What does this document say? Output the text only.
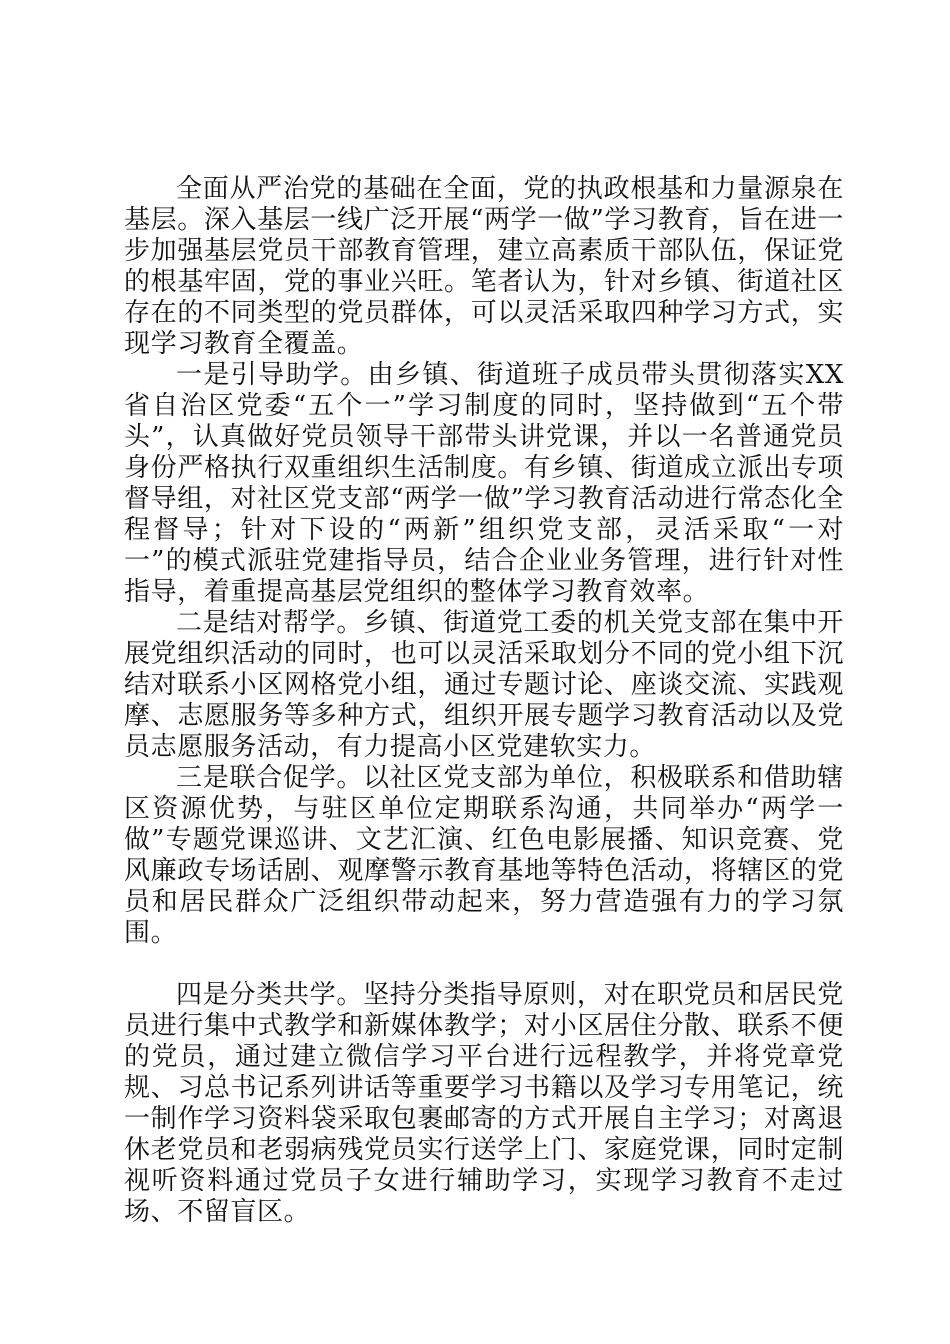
全面从严治党的基础在全面，党的执政根基和力量源泉在基层。深入基层一线广泛开展“两学一做”学习教育，旨在进一步加强基层党员干部教育管理，建立高素质干部队伍，保证党的根基牢固，党的事业兴旺。笔者认为，针对乡镇、街道社区存在的不同类型的党员群体，可以灵活采取四种学习方式，实现学习教育全覆盖。

一是引导助学。由乡镇、街道班子成员带头贯彻落实XX省自治区党委“五个一”学习制度的同时，坚持做到“五个带头”，认真做好党员领导干部带头讲党课，并以一名普通党员身份严格执行双重组织生活制度。有乡镇、街道成立派出专项督导组，对社区党支部“两学一做”学习教育活动进行常态化全程督导；针对下设的“两新”组织党支部，灵活采取“一对一”的模式派驻党建指导员，结合企业业务管理，进行针对性指导，着重提高基层党组织的整体学习教育效率。

二是结对帮学。乡镇、街道党工委的机关党支部在集中开展党组织活动的同时，也可以灵活采取划分不同的党小组下沉结对联系小区网格党小组，通过专题讨论、座谈交流、实践观摩、志愿服务等多种方式，组织开展专题学习教育活动以及党员志愿服务活动，有力提高小区党建软实力。

三是联合促学。以社区党支部为单位，积极联系和借助辖区资源优势，与驻区单位定期联系沟通，共同举办“两学一做”专题党课巡讲、文艺汇演、红色电影展播、知识竞赛、党风廉政专场话剧、观摩警示教育基地等特色活动，将辖区的党员和居民群众广泛组织带动起来，努力营造强有力的学习氛围。

四是分类共学。坚持分类指导原则，对在职党员和居民党员进行集中式教学和新媒体教学；对小区居住分散、联系不便的党员，通过建立微信学习平台进行远程教学，并将党章党规、习总书记系列讲话等重要学习书籍以及学习专用笔记，统一制作学习资料袋采取包裹邮寄的方式开展自主学习；对离退休老党员和老弱病残党员实行送学上门、家庭党课，同时定制视听资料通过党员子女进行辅助学习，实现学习教育不走过场、不留盲区。
